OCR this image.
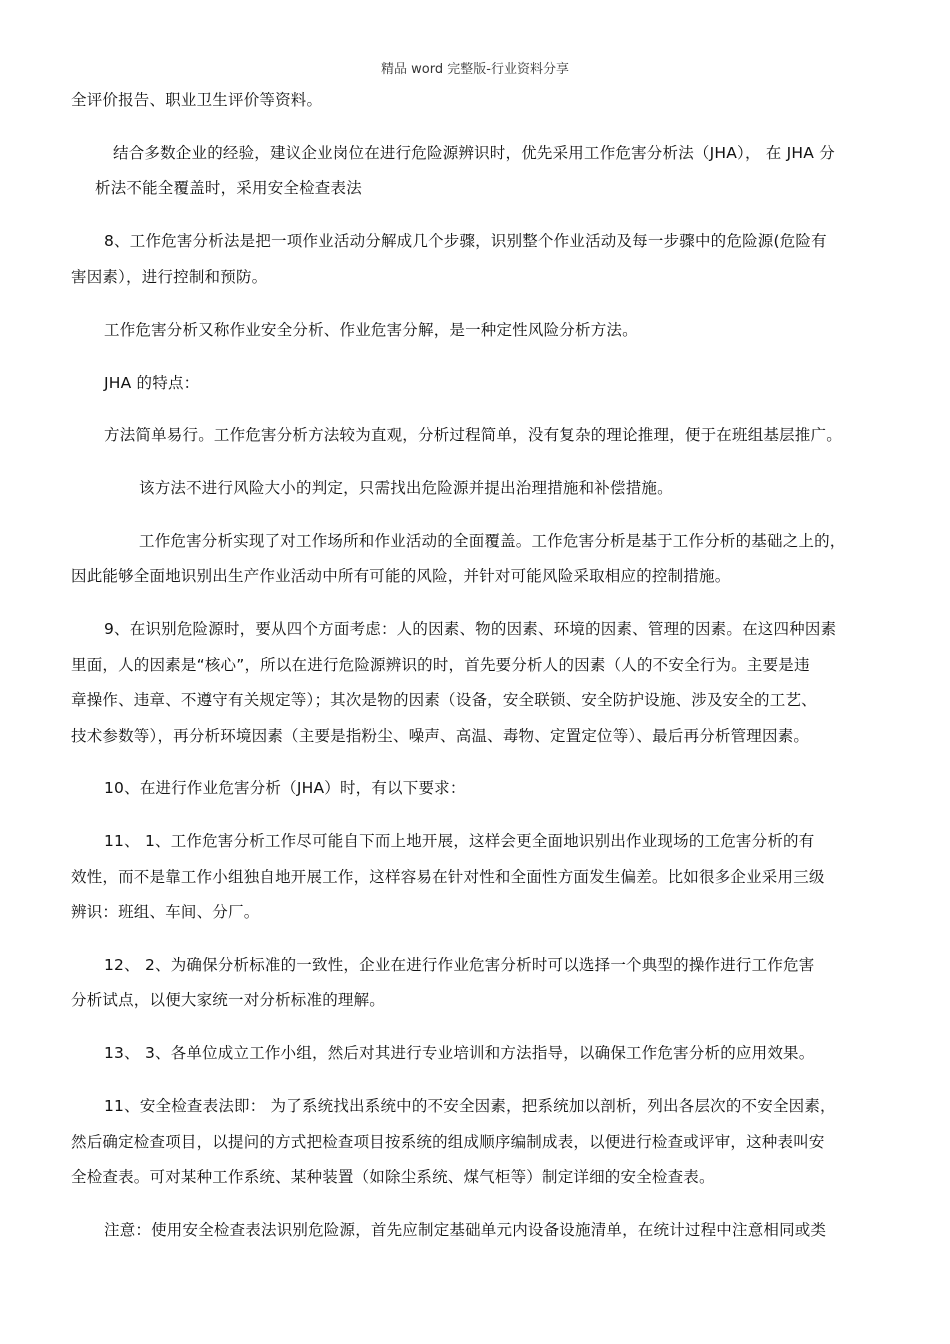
精品 word 完整版-行业资料分享
全评价报告、职业卫生评价等资料。
结合多数企业的经验，建议企业岗位在进行危险源辨识时，优先采用工作危害分析法（JHA）， 在 JHA 分
析法不能全覆盖时，采用安全检查表法
8、工作危害分析法是把一项作业活动分解成几个步骤，识别整个作业活动及每一步骤中的危险源(危险有
害因素），进行控制和预防。
工作危害分析又称作业安全分析、作业危害分解，是一种定性风险分析方法。
JHA 的特点：
方法简单易行。工作危害分析方法较为直观，分析过程简单，没有复杂的理论推理，便于在班组基层推广。
该方法不进行风险大小的判定，只需找出危险源并提出治理措施和补偿措施。
工作危害分析实现了对工作场所和作业活动的全面覆盖。工作危害分析是基于工作分析的基础之上的，
因此能够全面地识别出生产作业活动中所有可能的风险，并针对可能风险采取相应的控制措施。
9、在识别危险源时，要从四个方面考虑：人的因素、物的因素、环境的因素、管理的因素。在这四种因素
里面，人的因素是“核心”，所以在进行危险源辨识的时，首先要分析人的因素（人的不安全行为。主要是违
章操作、违章、不遵守有关规定等）；其次是物的因素（设备，安全联锁、安全防护设施、涉及安全的工艺、
技术参数等），再分析环境因素（主要是指粉尘、噪声、高温、毒物、定置定位等）、最后再分析管理因素。
10、在进行作业危害分析（JHA）时，有以下要求：
11、 1、工作危害分析工作尽可能自下而上地开展，这样会更全面地识别出作业现场的工危害分析的有
效性，而不是靠工作小组独自地开展工作，这样容易在针对性和全面性方面发生偏差。比如很多企业采用三级
辨识：班组、车间、分厂。
12、 2、为确保分析标准的一致性，企业在进行作业危害分析时可以选择一个典型的操作进行工作危害
分析试点，以便大家统一对分析标准的理解。
13、 3、各单位成立工作小组，然后对其进行专业培训和方法指导，以确保工作危害分析的应用效果。
11、安全检查表法即： 为了系统找出系统中的不安全因素，把系统加以剖析，列出各层次的不安全因素，
然后确定检查项目，以提问的方式把检查项目按系统的组成顺序编制成表，以便进行检查或评审，这种表叫安
全检查表。可对某种工作系统、某种装置（如除尘系统、煤气柜等）制定详细的安全检查表。
注意：使用安全检查表法识别危险源，首先应制定基础单元内设备设施清单，在统计过程中注意相同或类
